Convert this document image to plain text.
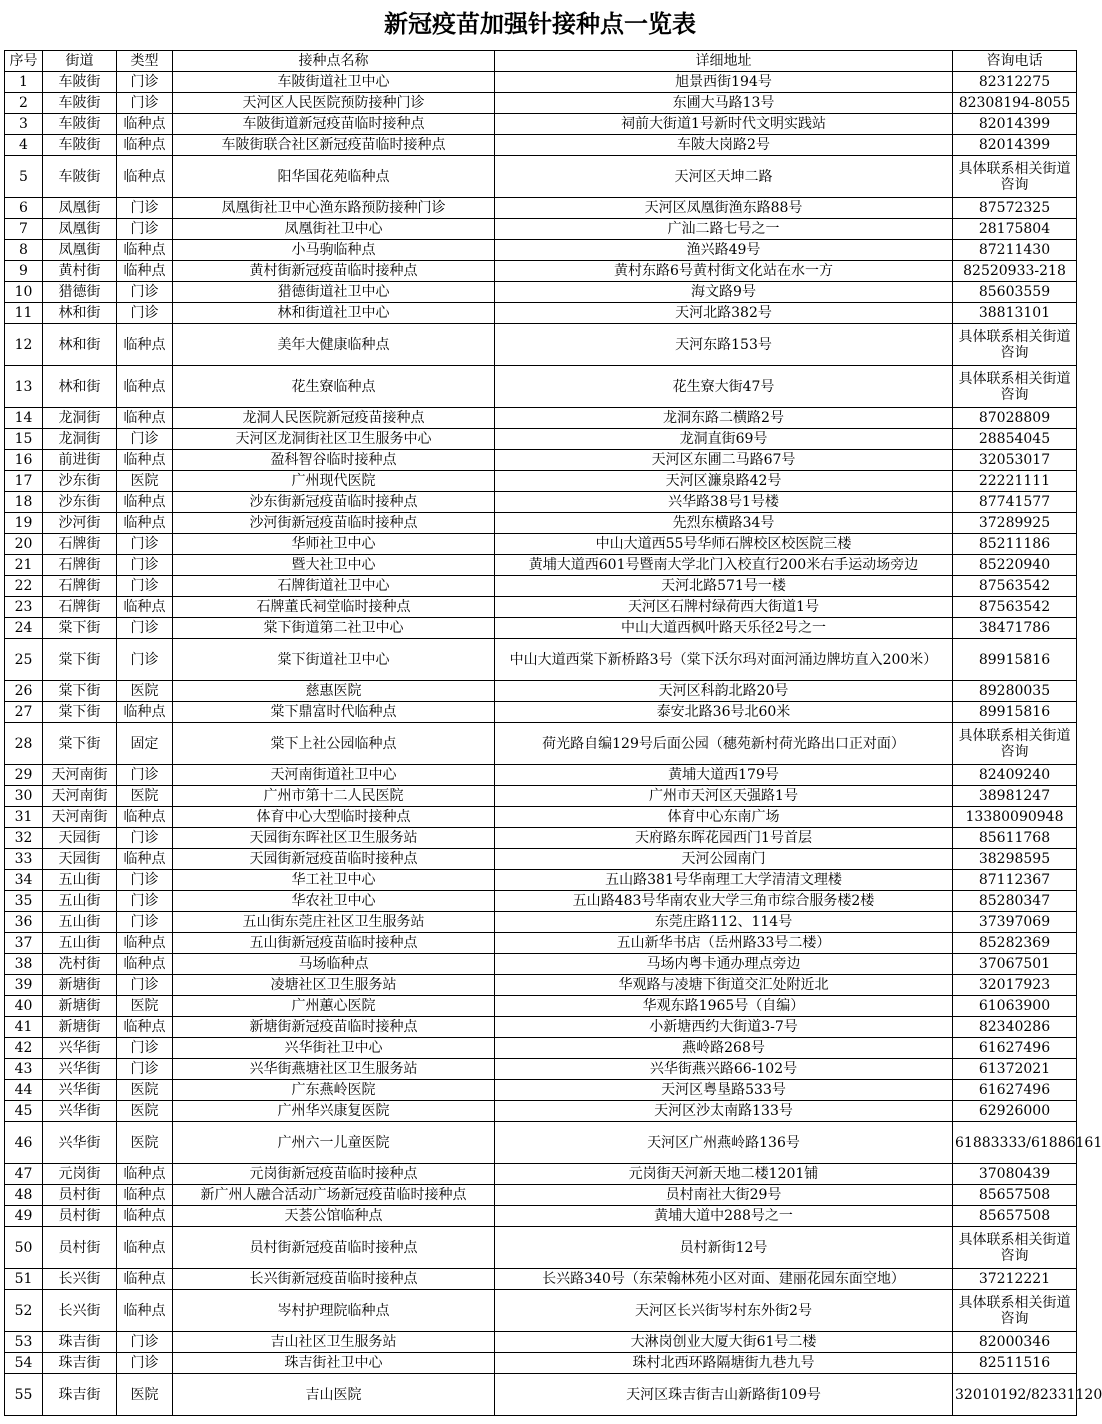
新冠疫苗加强针接种点一览表
序号	街道	类型	接种点名称	详细地址	咨询电话
1	车陂街	门诊	车陂街道社卫中心	旭景西街194号	82312275
2	车陂街	门诊	天河区人民医院预防接种门诊	东圃大马路13号	82308194-8055
3	车陂街	临种点	车陂街道新冠疫苗临时接种点	祠前大街道1号新时代文明实践站	82014399
4	车陂街	临种点	车陂街联合社区新冠疫苗临时接种点	车陂大岗路2号	82014399
5	车陂街	临种点	阳华国花苑临种点	天河区天坤二路	具体联系相关街道咨询
6	凤凰街	门诊	凤凰街社卫中心渔东路预防接种门诊	天河区凤凰街渔东路88号	87572325
7	凤凰街	门诊	凤凰街社卫中心	广汕二路七号之一	28175804
8	凤凰街	临种点	小马驹临种点	渔兴路49号	87211430
9	黄村街	临种点	黄村街新冠疫苗临时接种点	黄村东路6号黄村街文化站在水一方	82520933-218
10	猎德街	门诊	猎德街道社卫中心	海文路9号	85603559
11	林和街	门诊	林和街道社卫中心	天河北路382号	38813101
12	林和街	临种点	美年大健康临种点	天河东路153号	具体联系相关街道咨询
13	林和街	临种点	花生寮临种点	花生寮大街47号	具体联系相关街道咨询
14	龙洞街	临种点	龙洞人民医院新冠疫苗接种点	龙洞东路二横路2号	87028809
15	龙洞街	门诊	天河区龙洞街社区卫生服务中心	龙洞直街69号	28854045
16	前进街	临种点	盈科智谷临时接种点	天河区东圃二马路67号	32053017
17	沙东街	医院	广州现代医院	天河区濂泉路42号	22221111
18	沙东街	临种点	沙东街新冠疫苗临时接种点	兴华路38号1号楼	87741577
19	沙河街	临种点	沙河街新冠疫苗临时接种点	先烈东横路34号	37289925
20	石牌街	门诊	华师社卫中心	中山大道西55号华师石牌校区校医院三楼	85211186
21	石牌街	门诊	暨大社卫中心	黄埔大道西601号暨南大学北门入校直行200米右手运动场旁边	85220940
22	石牌街	门诊	石牌街道社卫中心	天河北路571号一楼	87563542
23	石牌街	临种点	石牌董氏祠堂临时接种点	天河区石牌村绿荷西大街道1号	87563542
24	棠下街	门诊	棠下街道第二社卫中心	中山大道西枫叶路天乐径2号之一	38471786
25	棠下街	门诊	棠下街道社卫中心	中山大道西棠下新桥路3号（棠下沃尔玛对面河涌边牌坊直入200米）	89915816
26	棠下街	医院	慈惠医院	天河区科韵北路20号	89280035
27	棠下街	临种点	棠下鼎富时代临种点	泰安北路36号北60米	89915816
28	棠下街	固定	棠下上社公园临种点	荷光路自编129号后面公园（穗苑新村荷光路出口正对面）	具体联系相关街道咨询
29	天河南街	门诊	天河南街道社卫中心	黄埔大道西179号	82409240
30	天河南街	医院	广州市第十二人民医院	广州市天河区天强路1号	38981247
31	天河南街	临种点	体育中心大型临时接种点	体育中心东南广场	13380090948
32	天园街	门诊	天园街东晖社区卫生服务站	天府路东晖花园西门1号首层	85611768
33	天园街	临种点	天园街新冠疫苗临时接种点	天河公园南门	38298595
34	五山街	门诊	华工社卫中心	五山路381号华南理工大学清清文理楼	87112367
35	五山街	门诊	华农社卫中心	五山路483号华南农业大学三角市综合服务楼2楼	85280347
36	五山街	门诊	五山街东莞庄社区卫生服务站	东莞庄路112、114号	37397069
37	五山街	临种点	五山街新冠疫苗临时接种点	五山新华书店（岳州路33号二楼）	85282369
38	冼村街	临种点	马场临种点	马场内粤卡通办理点旁边	37067501
39	新塘街	门诊	凌塘社区卫生服务站	华观路与凌塘下街道交汇处附近北	32017923
40	新塘街	医院	广州蕙心医院	华观东路1965号（自编）	61063900
41	新塘街	临种点	新塘街新冠疫苗临时接种点	小新塘西约大街道3-7号	82340286
42	兴华街	门诊	兴华街社卫中心	燕岭路268号	61627496
43	兴华街	门诊	兴华街燕塘社区卫生服务站	兴华街燕兴路66-102号	61372021
44	兴华街	医院	广东燕岭医院	天河区粤垦路533号	61627496
45	兴华街	医院	广州华兴康复医院	天河区沙太南路133号	62926000
46	兴华街	医院	广州六一儿童医院	天河区广州燕岭路136号	61883333/61886161
47	元岗街	临种点	元岗街新冠疫苗临时接种点	元岗街天河新天地二楼1201铺	37080439
48	员村街	临种点	新广州人融合活动广场新冠疫苗临时接种点	员村南社大街29号	85657508
49	员村街	临种点	天荟公馆临种点	黄埔大道中288号之一	85657508
50	员村街	临种点	员村街新冠疫苗临时接种点	员村新街12号	具体联系相关街道咨询
51	长兴街	临种点	长兴街新冠疫苗临时接种点	长兴路340号（东荣翰林苑小区对面、建丽花园东面空地）	37212221
52	长兴街	临种点	岑村护理院临种点	天河区长兴街岑村东外街2号	具体联系相关街道咨询
53	珠吉街	门诊	吉山社区卫生服务站	大淋岗创业大厦大街61号二楼	82000346
54	珠吉街	门诊	珠吉街社卫中心	珠村北西环路隔塘街九巷九号	82511516
55	珠吉街	医院	吉山医院	天河区珠吉街吉山新路街109号	32010192/82331120
